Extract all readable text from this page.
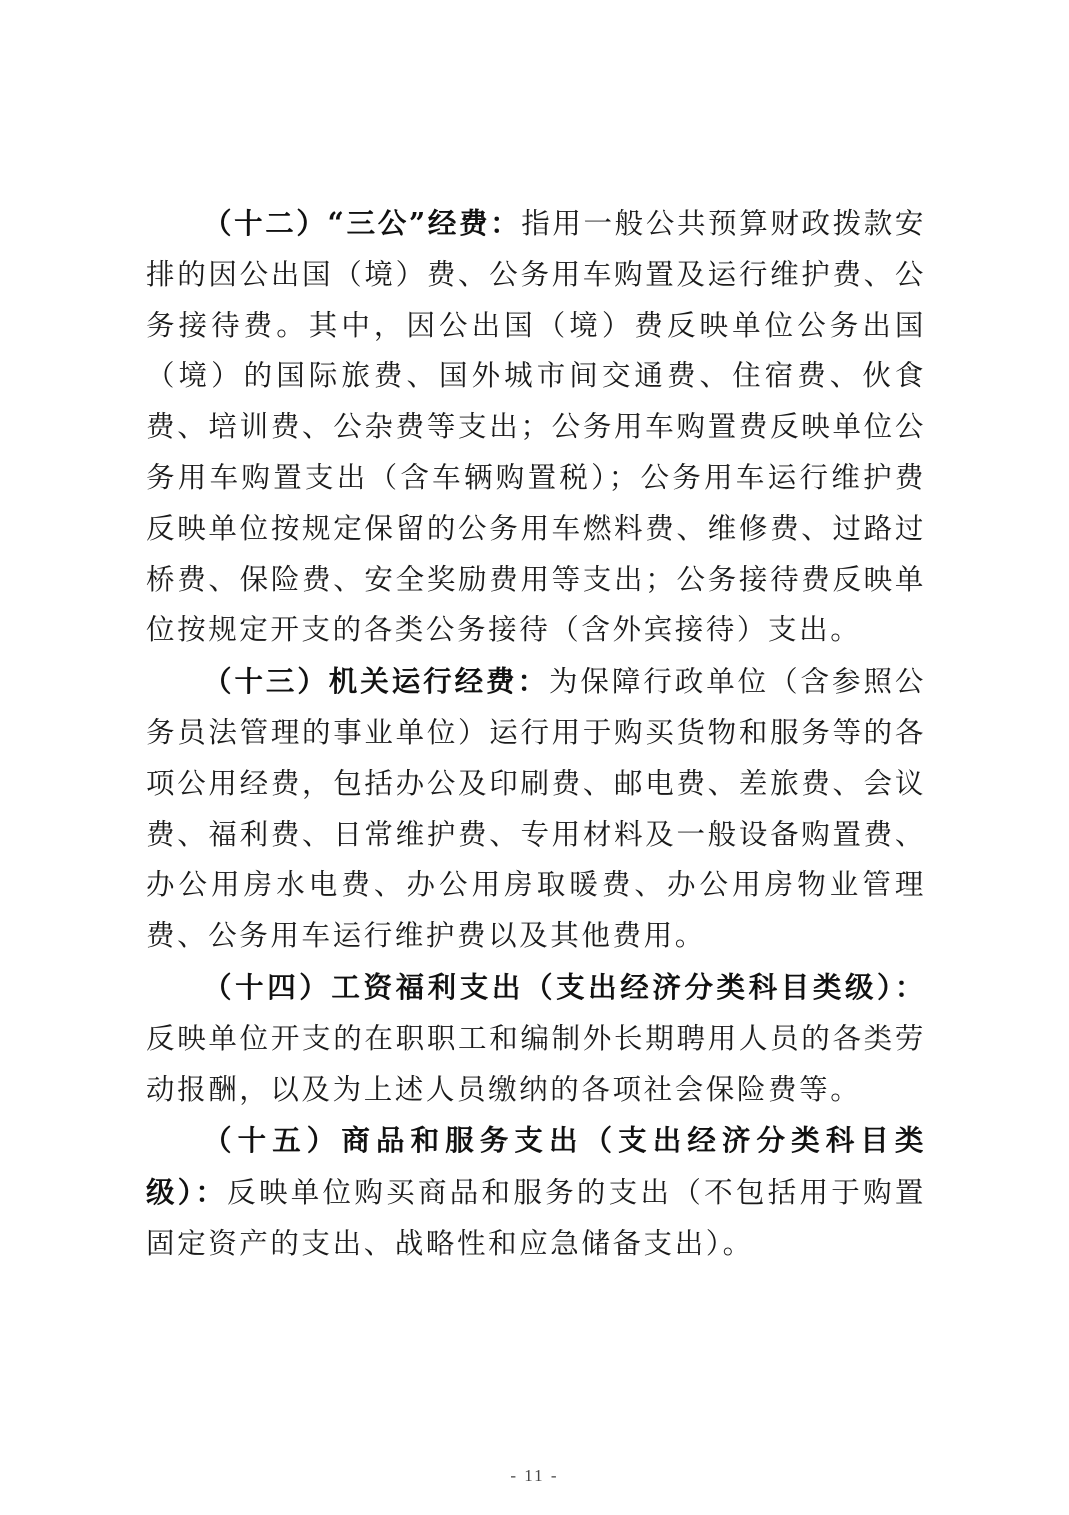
（十二）“三公”经费：指用一般公共预算财政拨款安排的因公出国（境）费、公务用车购置及运行维护费、公务接待费。其中，因公出国（境）费反映单位公务出国（境）的国际旅费、国外城市间交通费、住宿费、伙食费、培训费、公杂费等支出；公务用车购置费反映单位公务用车购置支出（含车辆购置税）；公务用车运行维护费反映单位按规定保留的公务用车燃料费、维修费、过路过桥费、保险费、安全奖励费用等支出；公务接待费反映单位按规定开支的各类公务接待（含外宾接待）支出。

（十三）机关运行经费：为保障行政单位（含参照公务员法管理的事业单位）运行用于购买货物和服务等的各项公用经费，包括办公及印刷费、邮电费、差旅费、会议费、福利费、日常维护费、专用材料及一般设备购置费、办公用房水电费、办公用房取暖费、办公用房物业管理费、公务用车运行维护费以及其他费用。

（十四）工资福利支出（支出经济分类科目类级）：反映单位开支的在职职工和编制外长期聘用人员的各类劳动报酬，以及为上述人员缴纳的各项社会保险费等。

（十五）商品和服务支出（支出经济分类科目类级）：反映单位购买商品和服务的支出（不包括用于购置固定资产的支出、战略性和应急储备支出）。

- 11 -
